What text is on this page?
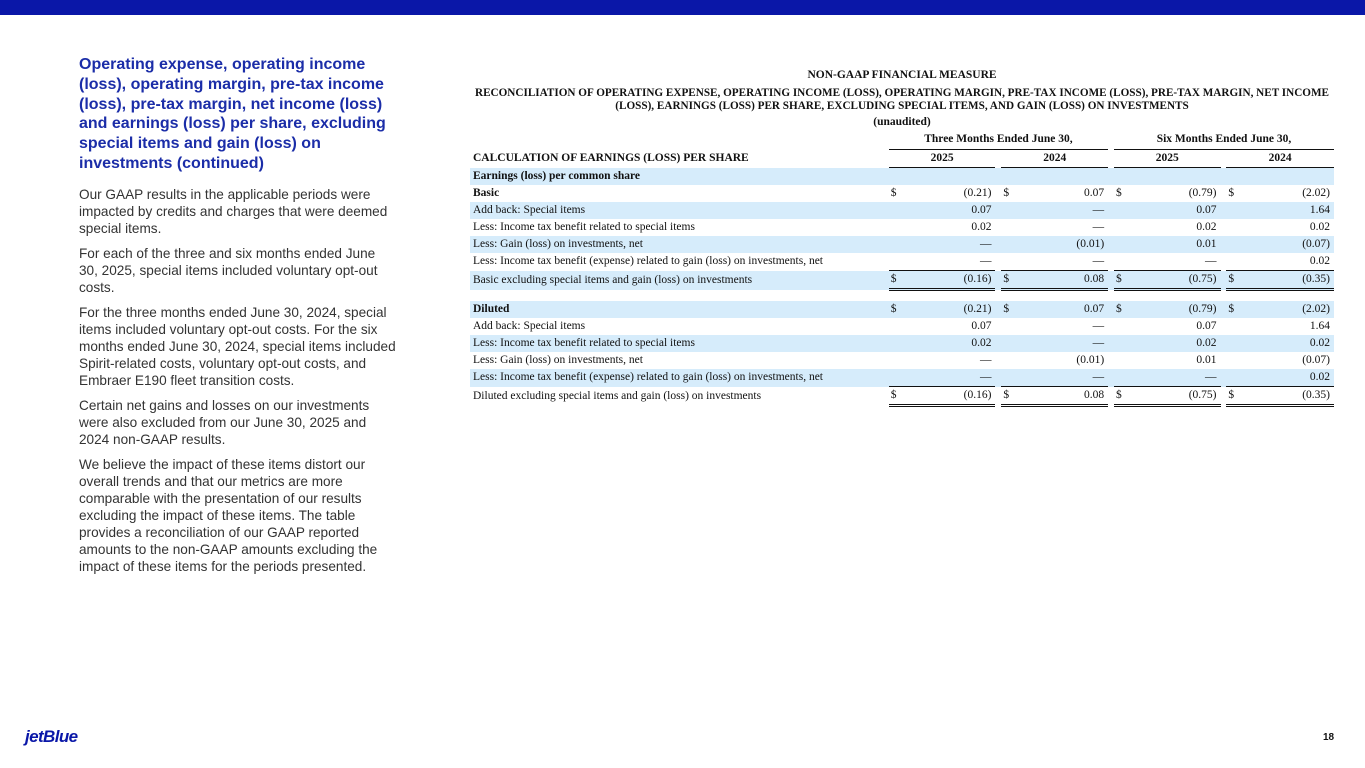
Operating expense, operating income (loss), operating margin, pre-tax income (loss), pre-tax margin, net income (loss) and earnings (loss) per share, excluding special items and gain (loss) on investments (continued)

Our GAAP results in the applicable periods were impacted by credits and charges that were deemed special items.

For each of the three and six months ended June 30, 2025, special items included voluntary opt-out costs.

For the three months ended June 30, 2024, special items included voluntary opt-out costs. For the six months ended June 30, 2024, special items included Spirit-related costs, voluntary opt-out costs, and Embraer E190 fleet transition costs.

Certain net gains and losses on our investments were also excluded from our June 30, 2025 and 2024 non-GAAP results.

We believe the impact of these items distort our overall trends and that our metrics are more comparable with the presentation of our results excluding the impact of these items. The table provides a reconciliation of our GAAP reported amounts to the non-GAAP amounts excluding the impact of these items for the periods presented.

NON-GAAP FINANCIAL MEASURE
RECONCILIATION OF OPERATING EXPENSE, OPERATING INCOME (LOSS), OPERATING MARGIN, PRE-TAX INCOME (LOSS), PRE-TAX MARGIN, NET INCOME (LOSS), EARNINGS (LOSS) PER SHARE, EXCLUDING SPECIAL ITEMS, AND GAIN (LOSS) ON INVESTMENTS
(unaudited)
	Three Months Ended June 30,						Six Months Ended June 30,				
CALCULATION OF EARNINGS (LOSS) PER SHARE	2025			2024			2025			2024	
Earnings (loss) per common share											
Basic	$	(0.21)		$	0.07		$	(0.79)		$	(2.02)
Add back: Special items		0.07			—			0.07			1.64
Less: Income tax benefit related to special items		0.02			—			0.02			0.02
Less: Gain (loss) on investments, net		—			(0.01)			0.01			(0.07)
Less: Income tax benefit (expense) related to gain (loss) on investments, net		—			—			—			0.02
Basic excluding special items and gain (loss) on investments	$	(0.16)		$	0.08		$	(0.75)		$	(0.35)

Diluted	$	(0.21)		$	0.07		$	(0.79)		$	(2.02)
Add back: Special items		0.07			—			0.07			1.64
Less: Income tax benefit related to special items		0.02			—			0.02			0.02
Less: Gain (loss) on investments, net		—			(0.01)			0.01			(0.07)
Less: Income tax benefit (expense) related to gain (loss) on investments, net		—			—			—			0.02
Diluted excluding special items and gain (loss) on investments	$	(0.16)		$	0.08		$	(0.75)		$	(0.35)
jetBlue	18
